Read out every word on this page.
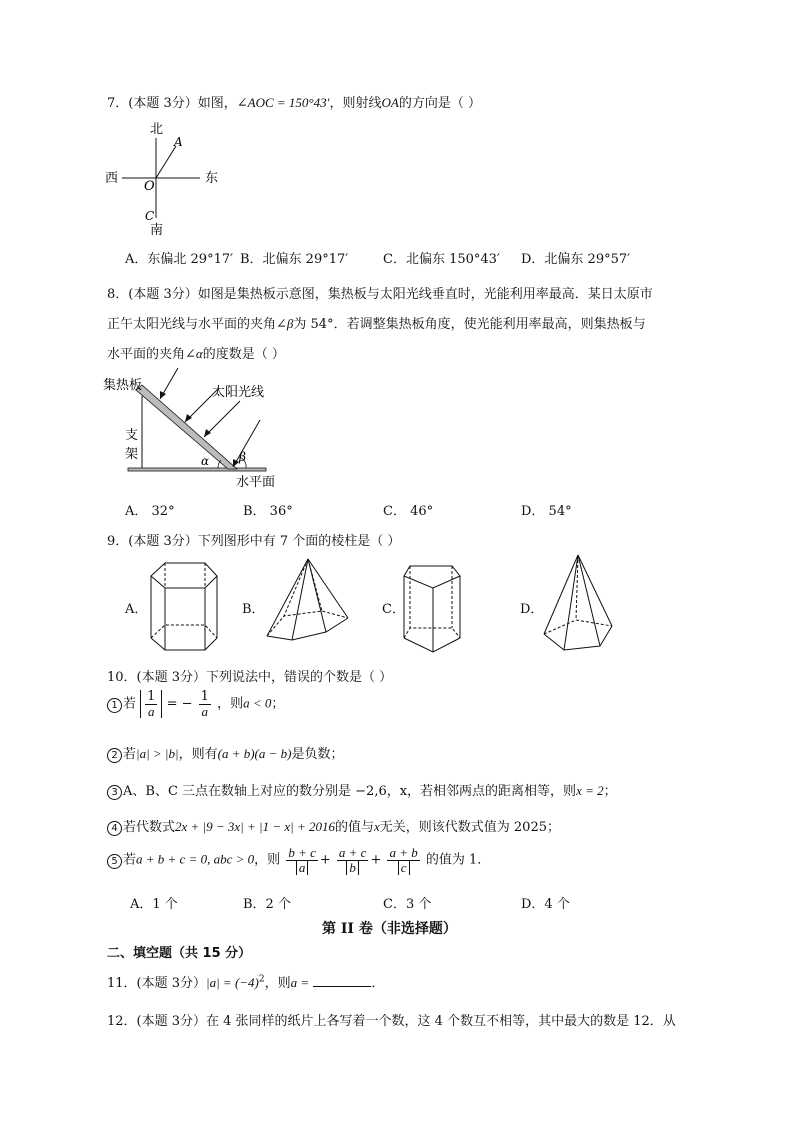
7．(本题 3分）如图，∠AOC = 150°43′，则射线OA的方向是（ ）
北
南
东
西
O
A
C
A．东偏北 29°17′ B．北偏东 29°17′	C．北偏东 150°43′ D．北偏东 29°57′
8．(本题 3分）如图是集热板示意图，集热板与太阳光线垂直时，光能利用率最高．某日太原市
正午太阳光线与水平面的夹角∠β为 54°．若调整集热板角度，使光能利用率最高，则集热板与
水平面的夹角∠α的度数是（ ）
集热板	太阳光线
支
架
水平面
α β
A． 32°	B． 36°	C． 46°	D． 54°
9．(本题 3分）下列图形中有 7 个面的棱柱是（ ）
A．	B．	C．	D．
10．(本题 3分）下列说法中，错误的个数是（ ）
1 若 $\frac{1}{a}$ = − $\frac{1}{a}$ ，则a < 0；
2 若|a| > |b|，则有(a + b)(a − b)是负数；
3 A、B、C 三点在数轴上对应的数分别是 −2,6，x，若相邻两点的距离相等，则x = 2；
4 若代数式2x + |9 − 3x| + |1 − x| + 2016的值与x无关，则该代数式值为 2025；
5 若a + b + c = 0, abc > 0，则 $\frac{b + c}{a} + \frac{a + c}{b} + \frac{a + b}{c}$ 的值为 1．
A．1 个	B．2 个	C．3 个	D．4 个
第 II 卷（非选择题）
二、填空题（共 15 分）
11．(本题 3分）$|a| = (-4)^2$，则a =	．
12．(本题 3分）在 4 张同样的纸片上各写着一个数，这 4 个数互不相等，其中最大的数是 12．从
